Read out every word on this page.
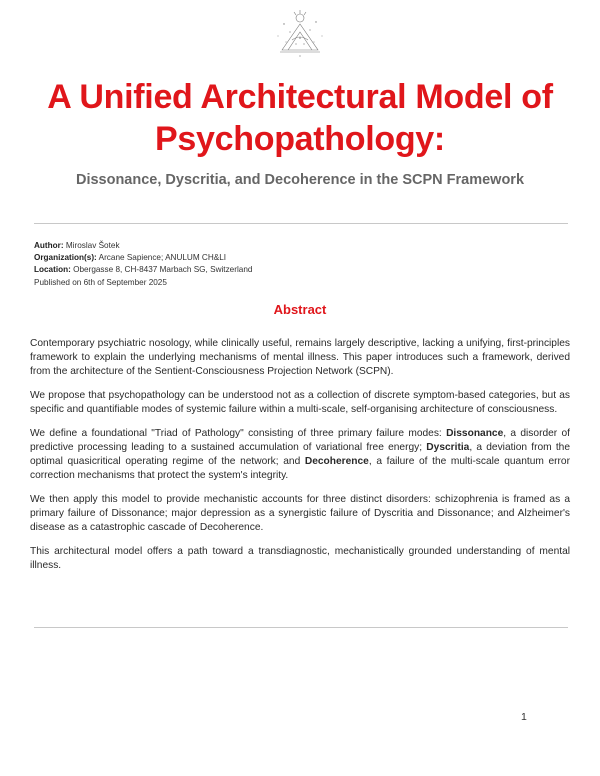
A Unified Architectural Model of Psychopathology:
Dissonance, Dyscritia, and Decoherence in the SCPN Framework
Author: Miroslav Šotek
Organization(s): Arcane Sapience; ANULUM CH&LI
Location: Obergasse 8, CH-8437 Marbach SG, Switzerland
Published on 6th of September 2025
Abstract

Contemporary psychiatric nosology, while clinically useful, remains largely descriptive, lacking a unifying, first-principles framework to explain the underlying mechanisms of mental illness. This paper introduces such a framework, derived from the architecture of the Sentient-Consciousness Projection Network (SCPN).

We propose that psychopathology can be understood not as a collection of discrete symptom-based categories, but as specific and quantifiable modes of systemic failure within a multi-scale, self-organising architecture of consciousness.

We define a foundational "Triad of Pathology" consisting of three primary failure modes: Dissonance, a disorder of predictive processing leading to a sustained accumulation of variational free energy; Dyscritia, a deviation from the optimal quasicritical operating regime of the network; and Decoherence, a failure of the multi-scale quantum error correction mechanisms that protect the system's integrity.

We then apply this model to provide mechanistic accounts for three distinct disorders: schizophrenia is framed as a primary failure of Dissonance; major depression as a synergistic failure of Dyscritia and Dissonance; and Alzheimer's disease as a catastrophic cascade of Decoherence.

This architectural model offers a path toward a transdiagnostic, mechanistically grounded understanding of mental illness.

1
